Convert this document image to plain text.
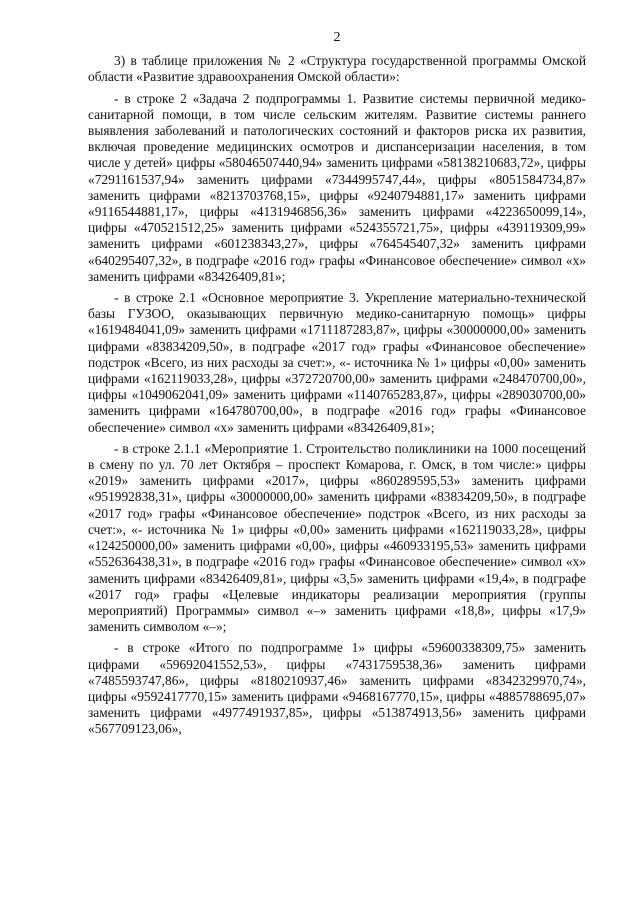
2

3) в таблице приложения № 2 «Структура государственной программы Омской области «Развитие здравоохранения Омской области»:

- в строке 2 «Задача 2 подпрограммы 1. Развитие системы первичной медико-санитарной помощи, в том числе сельским жителям. Развитие системы раннего выявления заболеваний и патологических состояний и факторов риска их развития, включая проведение медицинских осмотров и диспансеризации населения, в том числе у детей» цифры «58046507440,94» заменить цифрами «58138210683,72», цифры «7291161537,94» заменить цифрами «7344995747,44», цифры «8051584734,87» заменить цифрами «8213703768,15», цифры «9240794881,17» заменить цифрами «9116544881,17», цифры «4131946856,36» заменить цифрами «4223650099,14», цифры «470521512,25» заменить цифрами «524355721,75», цифры «439119309,99» заменить цифрами «601238343,27», цифры «764545407,32» заменить цифрами «640295407,32», в подграфе «2016 год» графы «Финансовое обеспечение» символ «х» заменить цифрами «83426409,81»;

- в строке 2.1 «Основное мероприятие 3. Укрепление материально-технической базы ГУЗОО, оказывающих первичную медико-санитарную помощь» цифры «1619484041,09» заменить цифрами «1711187283,87», цифры «30000000,00» заменить цифрами «83834209,50», в подграфе «2017 год» графы «Финансовое обеспечение» подстрок «Всего, из них расходы за счет:», «- источника № 1» цифры «0,00» заменить цифрами «162119033,28», цифры «372720700,00» заменить цифрами «248470700,00», цифры «1049062041,09» заменить цифрами «1140765283,87», цифры «289030700,00» заменить цифрами «164780700,00», в подграфе «2016 год» графы «Финансовое обеспечение» символ «х» заменить цифрами «83426409,81»;

- в строке 2.1.1 «Мероприятие 1. Строительство поликлиники на 1000 посещений в смену по ул. 70 лет Октября – проспект Комарова, г. Омск, в том числе:» цифры «2019» заменить цифрами «2017», цифры «860289595,53» заменить цифрами «951992838,31», цифры «30000000,00» заменить цифрами «83834209,50», в подграфе «2017 год» графы «Финансовое обеспечение» подстрок «Всего, из них расходы за счет:», «- источника № 1» цифры «0,00» заменить цифрами «162119033,28», цифры «124250000,00» заменить цифрами «0,00», цифры «460933195,53» заменить цифрами «552636438,31», в подграфе «2016 год» графы «Финансовое обеспечение» символ «х» заменить цифрами «83426409,81», цифры «3,5» заменить цифрами «19,4», в подграфе «2017 год» графы «Целевые индикаторы реализации мероприятия (группы мероприятий) Программы» символ «–» заменить цифрами «18,8», цифры «17,9» заменить символом «–»;

- в строке «Итого по подпрограмме 1» цифры «59600338309,75» заменить цифрами «59692041552,53», цифры «7431759538,36» заменить цифрами «7485593747,86», цифры «8180210937,46» заменить цифрами «8342329970,74», цифры «9592417770,15» заменить цифрами «9468167770,15», цифры «4885788695,07» заменить цифрами «4977491937,85», цифры «513874913,56» заменить цифрами «567709123,06»,
